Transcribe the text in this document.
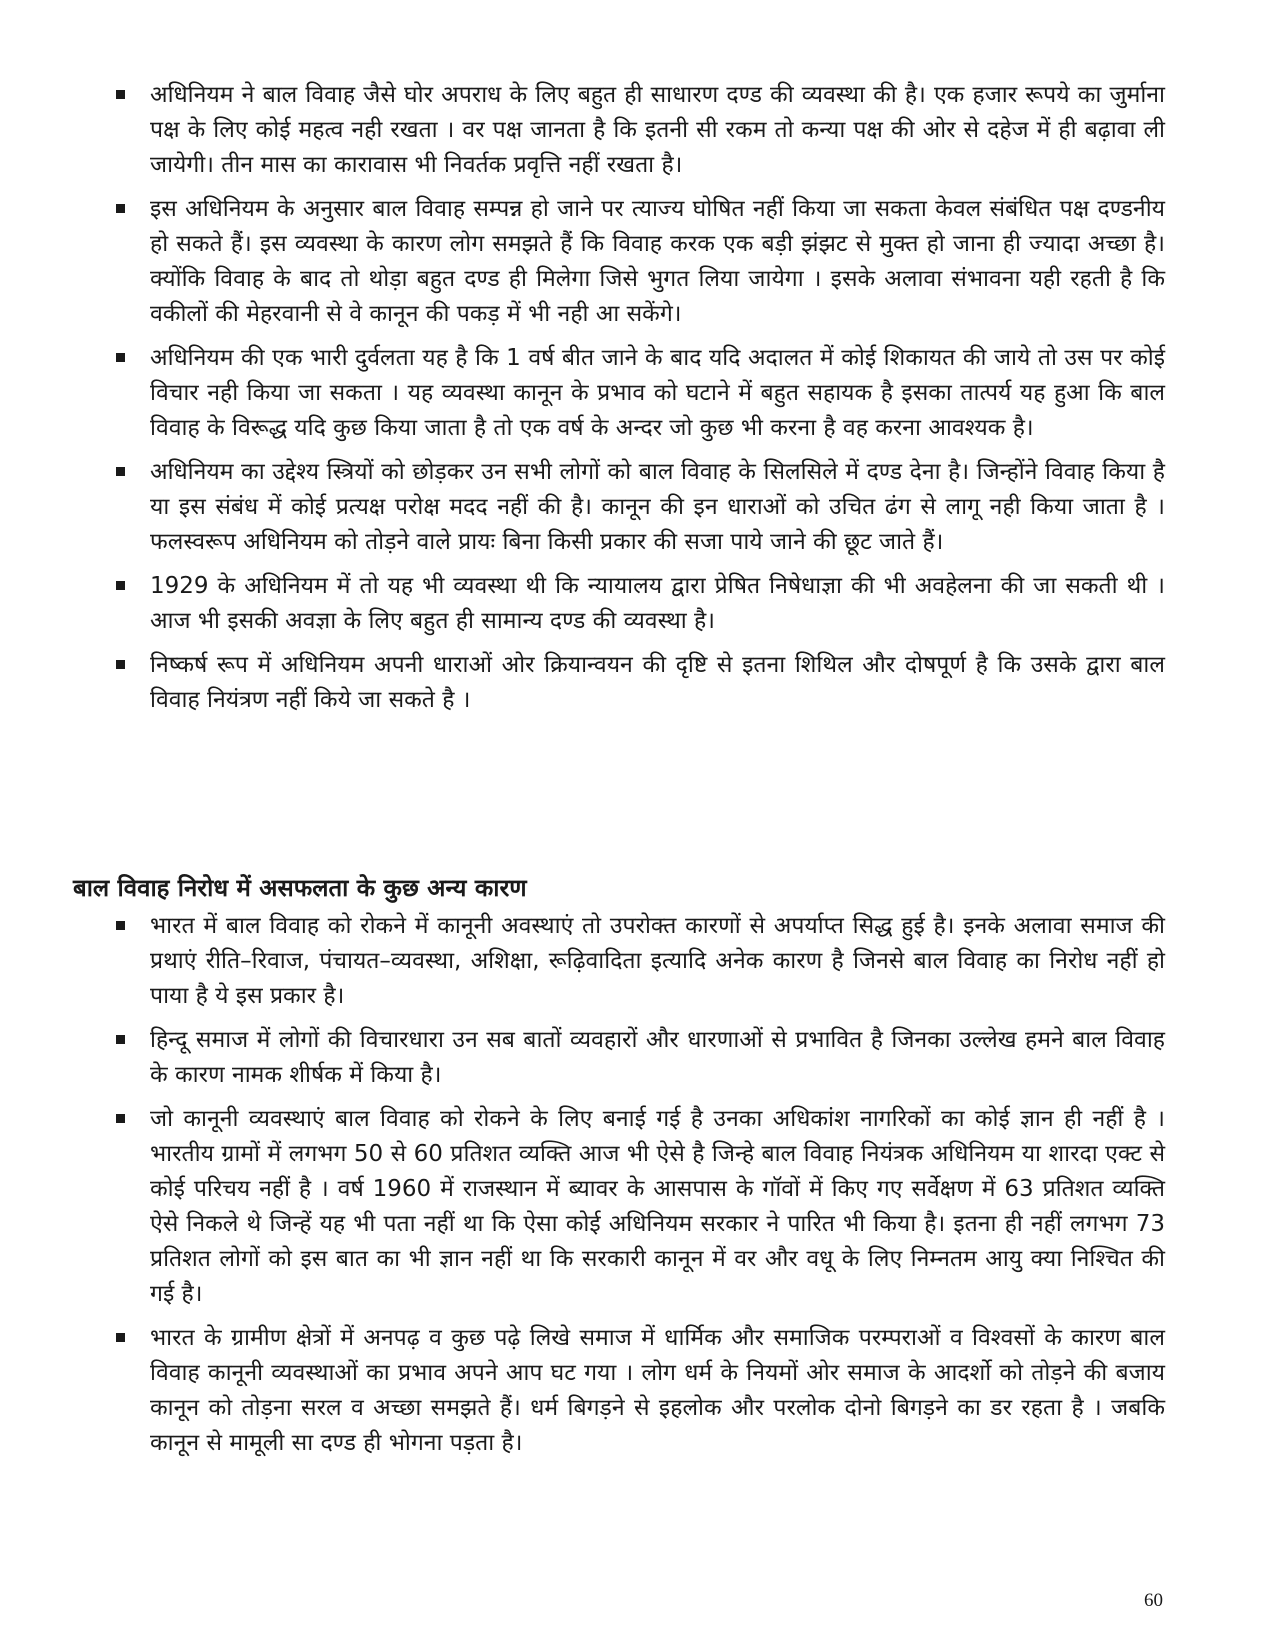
अधिनियम ने बाल विवाह जैसे घोर अपराध के लिए बहुत ही साधारण दण्ड की व्यवस्था की है। एक हजार रूपये का जुर्माना पक्ष के लिए कोई महत्व नही रखता । वर पक्ष जानता है कि इतनी सी रकम तो कन्या पक्ष की ओर से दहेज में ही बढ़ावा ली जायेगी। तीन मास का कारावास भी निवर्तक प्रवृत्ति नहीं रखता है।
इस अधिनियम के अनुसार बाल विवाह सम्पन्न हो जाने पर त्याज्य घोषित नहीं किया जा सकता केवल संबंधित पक्ष दण्डनीय हो सकते हैं। इस व्यवस्था के कारण लोग समझते हैं कि विवाह करक एक बड़ी झंझट से मुक्त हो जाना ही ज्यादा अच्छा है। क्योंकि विवाह के बाद तो थोड़ा बहुत दण्ड ही मिलेगा जिसे भुगत लिया जायेगा । इसके अलावा संभावना यही रहती है कि वकीलों की मेहरवानी से वे कानून की पकड़ में भी नही आ सकेंगे।
अधिनियम की एक भारी दुर्वलता यह है कि 1 वर्ष बीत जाने के बाद यदि अदालत में कोई शिकायत की जाये तो उस पर कोई विचार नही किया जा सकता । यह व्यवस्था कानून के प्रभाव को घटाने में बहुत सहायक है इसका तात्पर्य यह हुआ कि बाल विवाह के विरूद्ध यदि कुछ किया जाता है तो एक वर्ष के अन्दर जो कुछ भी करना है वह करना आवश्यक है।
अधिनियम का उद्देश्य स्त्रियों को छोड़कर उन सभी लोगों को बाल विवाह के सिलसिले में दण्ड देना है। जिन्होंने विवाह किया है या इस संबंध में कोई प्रत्यक्ष परोक्ष मदद नहीं की है। कानून की इन धाराओं को उचित ढंग से लागू नही किया जाता है । फलस्वरूप अधिनियम को तोड़ने वाले प्रायः बिना किसी प्रकार की सजा पाये जाने की छूट जाते हैं।
1929 के अधिनियम में तो यह भी व्यवस्था थी कि न्यायालय द्वारा प्रेषित निषेधाज्ञा की भी अवहेलना की जा सकती थी । आज भी इसकी अवज्ञा के लिए बहुत ही सामान्य दण्ड की व्यवस्था है।
निष्कर्ष रूप में अधिनियम अपनी धाराओं ओर क्रियान्वयन की दृष्टि से इतना शिथिल और दोषपूर्ण है कि उसके द्वारा बाल विवाह नियंत्रण नहीं किये जा सकते है ।
बाल विवाह निरोध में असफलता के कुछ अन्य कारण
भारत में बाल विवाह को रोकने में कानूनी अवस्थाएं तो उपरोक्त कारणों से अपर्याप्त सिद्ध हुई है। इनके अलावा समाज की प्रथाएं रीति–रिवाज, पंचायत–व्यवस्था, अशिक्षा, रूढ़िवादिता इत्यादि अनेक कारण है जिनसे बाल विवाह का निरोध नहीं हो पाया है ये इस प्रकार है।
हिन्दू समाज में लोगों की विचारधारा उन सब बातों व्यवहारों और धारणाओं से प्रभावित है जिनका उल्लेख हमने बाल विवाह के कारण नामक शीर्षक में किया है।
जो कानूनी व्यवस्थाएं बाल विवाह को रोकने के लिए बनाई गई है उनका अधिकांश नागरिकों का कोई ज्ञान ही नहीं है । भारतीय ग्रामों में लगभग 50 से 60 प्रतिशत व्यक्ति आज भी ऐसे है जिन्हे बाल विवाह नियंत्रक अधिनियम या शारदा एक्ट से कोई परिचय नहीं है । वर्ष 1960 में राजस्थान में ब्यावर के आसपास के गॉवों में किए गए सर्वेक्षण में 63 प्रतिशत व्यक्ति ऐसे निकले थे जिन्हें यह भी पता नहीं था कि ऐसा कोई अधिनियम सरकार ने पारित भी किया है। इतना ही नहीं लगभग 73 प्रतिशत लोगों को इस बात का भी ज्ञान नहीं था कि सरकारी कानून में वर और वधू के लिए निम्नतम आयु क्या निश्चित की गई है।
भारत के ग्रामीण क्षेत्रों में अनपढ़ व कुछ पढ़े लिखे समाज में धार्मिक और समाजिक परम्पराओं व विश्वसों के कारण बाल विवाह कानूनी व्यवस्थाओं का प्रभाव अपने आप घट गया । लोग धर्म के नियमों ओर समाज के आदर्शो को तोड़ने की बजाय कानून को तोड़ना सरल व अच्छा समझते हैं। धर्म बिगड़ने से इहलोक और परलोक दोनो बिगड़ने का डर रहता है । जबकि कानून से मामूली सा दण्ड ही भोगना पड़ता है।
60
